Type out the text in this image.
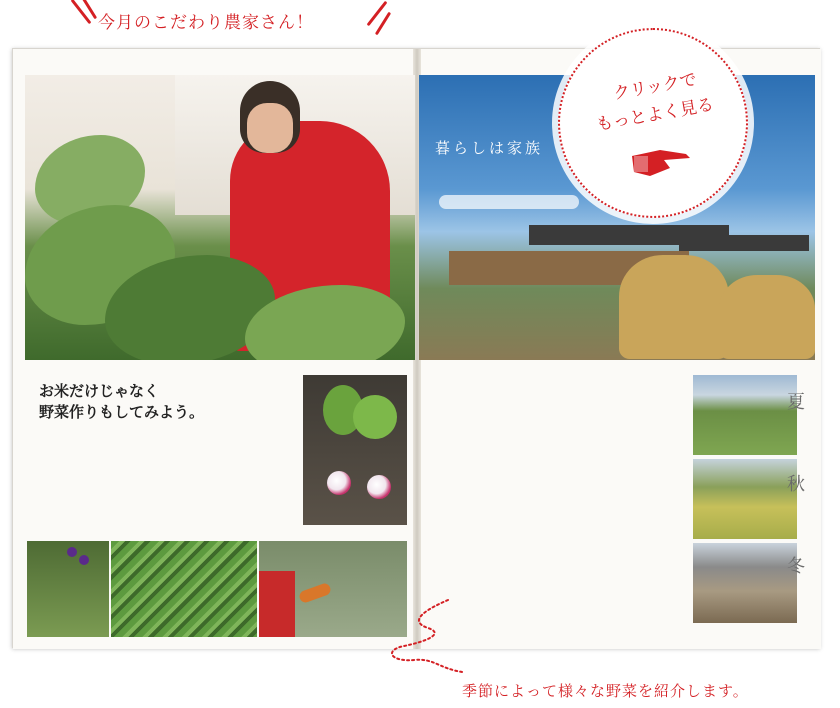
今月のこだわり農家さん！
暮らしは家族
お米だけじゃなく
野菜作りもしてみよう。	夏
秋
冬
クリックで
もっとよく見る
季節によって様々な野菜を紹介します。
